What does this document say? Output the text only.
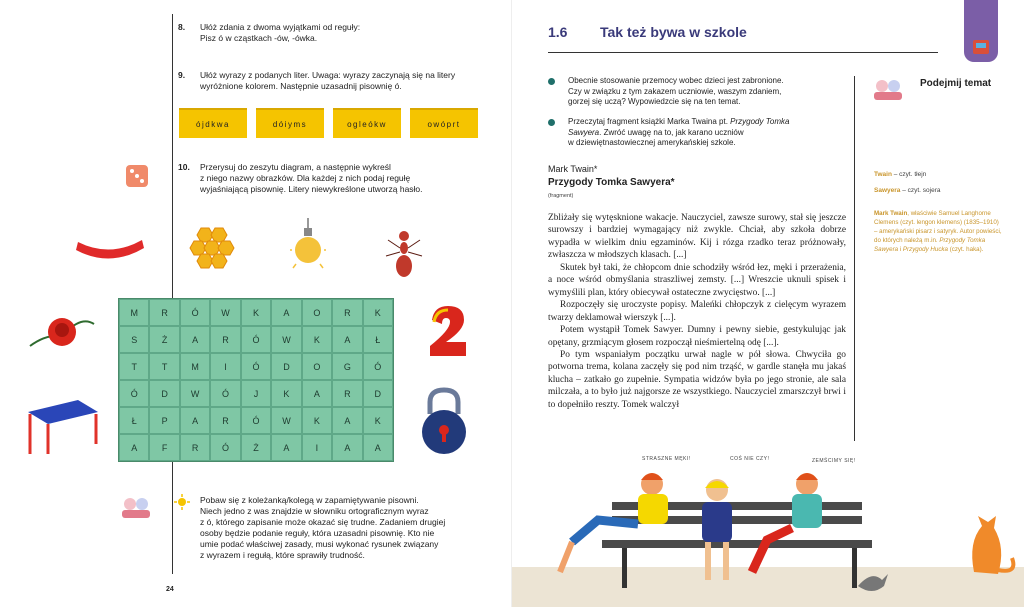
8. Ułóż zdania z dwoma wyjątkami od reguły:
Pisz ó w cząstkach -ów, -ówka.
9. Ułóż wyrazy z podanych liter. Uwaga: wyrazy zaczynają się na litery
wyróżnione kolorem. Następnie uzasadnij pisownię ó.
ójdkwa	dóiyms	ogleókw	owóprt
10. Przerysuj do zeszytu diagram, a następnie wykreśl
z niego nazwy obrazków. Dla każdej z nich podaj regułę
wyjaśniającą pisownię. Litery niewykreślone utworzą hasło.
M	R	Ó	W	K	A	O	R	K
S	Ż	A	R	Ó	W	K	A	Ł
T	T	M	I	Ó	D	O	G	Ó
Ó	D	W	Ó	J	K	A	R	D
Ł	P	A	R	Ó	W	K	A	K
A	F	R	Ó	Ż	A	I	A	A
Pobaw się z koleżanką/kolegą w zapamiętywanie pisowni.
Niech jedno z was znajdzie w słowniku ortograficznym wyraz
z ó, którego zapisanie może okazać się trudne. Zadaniem drugiej
osoby będzie podanie reguły, która uzasadni pisownię. Kto nie
umie podać właściwej zasady, musi wykonać rysunek związany
z wyrazem i regułą, które sprawiły trudność.
24
1.6 Tak też bywa w szkole
Obecnie stosowanie przemocy wobec dzieci jest zabronione.
Czy w związku z tym zakazem uczniowie, waszym zdaniem,
gorzej się uczą? Wypowiedzcie się na ten temat.
Przeczytaj fragment książki Marka Twaina pt. Przygody Tomka
Sawyera. Zwróć uwagę na to, jak karano uczniów
w dziewiętnastowiecznej amerykańskiej szkole.
Mark Twain*
Przygody Tomka Sawyera*
(fragment)

Zbliżały się wytęsknione wakacje. Nauczyciel, zawsze surowy, stał się jeszcze surowszy i bardziej wymagający niż zwykle. Chciał, aby szkoła dobrze wypadła w wielkim dniu egzaminów. Kij i rózga rzadko teraz próżnowały, zwłaszcza w młodszych klasach. [...]

Skutek był taki, że chłopcom dnie schodziły wśród łez, męki i przerażenia, a noce wśród obmyślania straszliwej zemsty. [...] Wreszcie uknuli spisek i wymyślili plan, który obiecywał ostateczne zwycięstwo. [...]

Rozpoczęły się uroczyste popisy. Maleńki chłopczyk z cielęcym wyrazem twarzy deklamował wierszyk [...].

Potem wystąpił Tomek Sawyer. Dumny i pewny siebie, gestykulując jak opętany, grzmiącym głosem rozpoczął nieśmiertelną odę [...].

Po tym wspaniałym początku urwał nagle w pół słowa. Chwyciła go potworna trema, kolana zaczęły się pod nim trząść, w gardle stanęła mu jakaś klucha – zatkało go zupełnie. Sympatia widzów była po jego stronie, ale sala milczała, a to było już najgorsze ze wszystkiego. Nauczyciel zmarszczył brwi i to dopełniło reszty. Tomek walczył

Podejmij temat
Twain – czyt. tłejn
Sawyera – czyt. sojera
Mark Twain, właściwie Samuel Langhorne Clemens (czyt. lengon klemens) (1835–1910) – amerykański pisarz i satyryk. Autor powieści, do których należą m.in. Przygody Tomka Sawyera i Przygody Hucka (czyt. haka).
STRASZNE MĘKI!	COŚ NIE CZY!	ZEMŚCIMY SIĘ!
